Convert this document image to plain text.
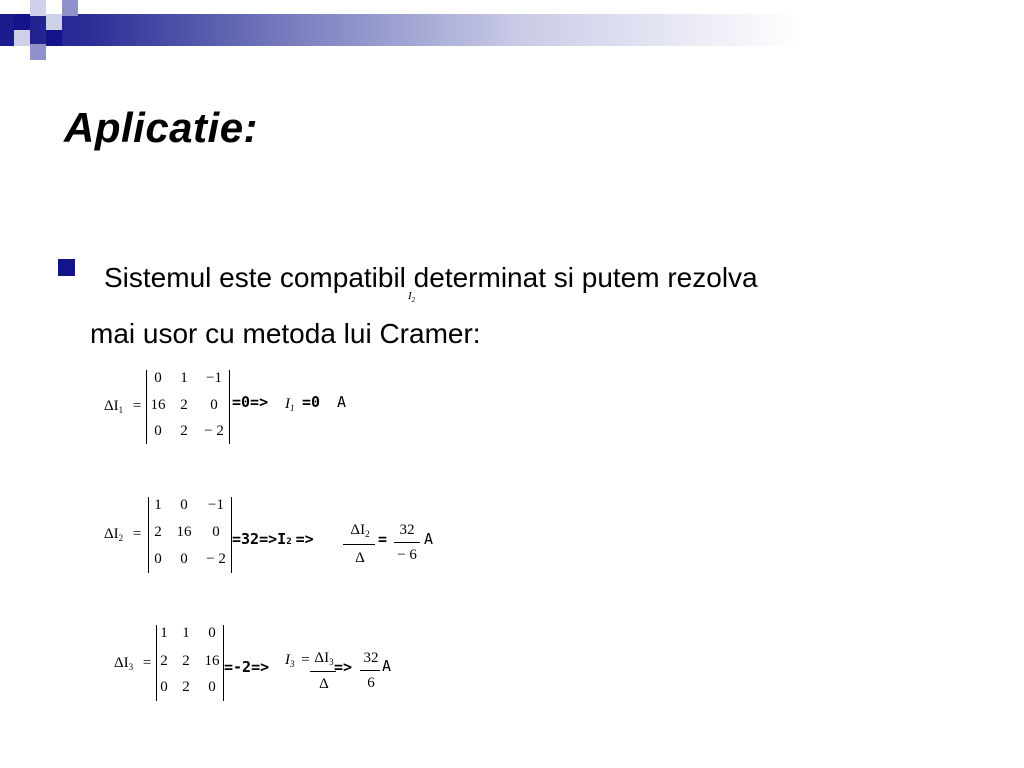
Aplicatie:
Sistemul este compatibil determinat si putem rezolva
mai usor cu metoda lui Cramer:
$I_2$
$\Delta I_1$ =
0	1	−1
16 2	0
0	2	− 2
$=0=> I_1 =0$ A
$\Delta I_2$ =
1	0	−1
2 16	0
0	0	− 2
=32=>I2 =>	$\Delta I_2$
Δ
= 32
− 6
A
$\Delta I_3$ =
1 1	0
2 2 16
0 2	0
$=-2=> I_3 = \Delta I_3$
Δ
=> 32
6
A
